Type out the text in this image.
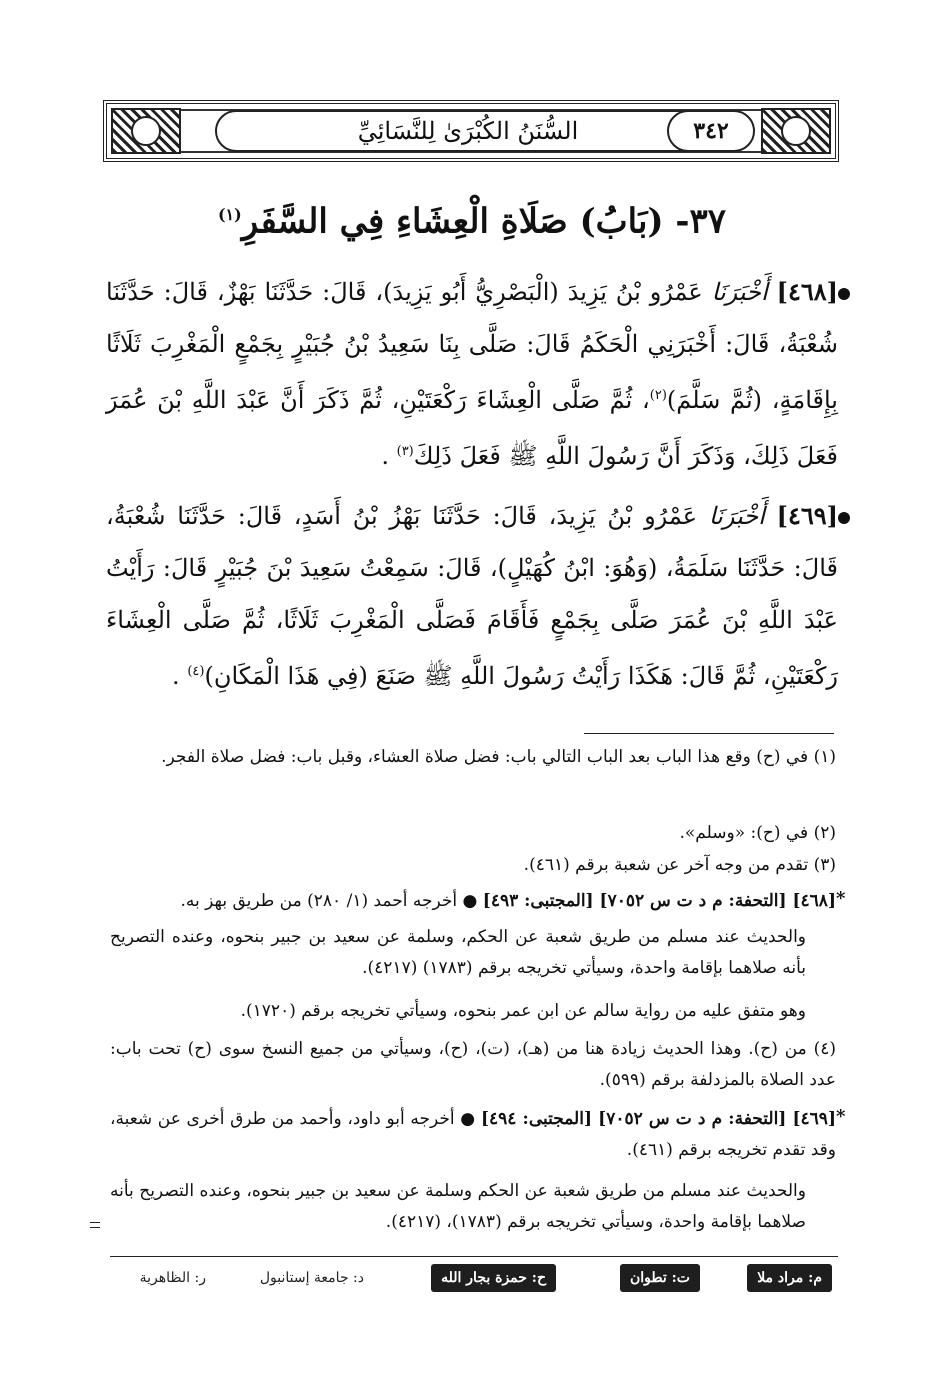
السُّنَنُ الكُبْرَىٰ لِلنَّسَائِيِّ	٣٤٢
٣٧- (بَابُ) صَلَاةِ الْعِشَاءِ فِي السَّفَرِ$^{(١)}$
[٤٦٨] أَخْبَرَنَا عَمْرُو بْنُ يَزِيدَ (الْبَصْرِيُّ أَبُو يَزِيدَ)، قَالَ: حَدَّثَنَا بَهْزٌ، قَالَ: حَدَّثَنَا شُعْبَةُ، قَالَ: أَخْبَرَنِي الْحَكَمُ قَالَ: صَلَّى بِنَا سَعِيدُ بْنُ جُبَيْرٍ بِجَمْعٍ الْمَغْرِبَ ثَلَاثًا بِإِقَامَةٍ، (ثُمَّ سَلَّمَ)$^{(٢)}$، ثُمَّ صَلَّى الْعِشَاءَ رَكْعَتَيْنِ، ثُمَّ ذَكَرَ أَنَّ عَبْدَ اللَّهِ بْنَ عُمَرَ فَعَلَ ذَلِكَ، وَذَكَرَ أَنَّ رَسُولَ اللَّهِ ﷺ فَعَلَ ذَلِكَ$^{(٣)}$ .
[٤٦٩] أَخْبَرَنَا عَمْرُو بْنُ يَزِيدَ، قَالَ: حَدَّثَنَا بَهْزُ بْنُ أَسَدٍ، قَالَ: حَدَّثَنَا شُعْبَةُ، قَالَ: حَدَّثَنَا سَلَمَةُ، (وَهُوَ: ابْنُ كُهَيْلٍ)، قَالَ: سَمِعْتُ سَعِيدَ بْنَ جُبَيْرٍ قَالَ: رَأَيْتُ عَبْدَ اللَّهِ بْنَ عُمَرَ صَلَّى بِجَمْعٍ فَأَقَامَ فَصَلَّى الْمَغْرِبَ ثَلَاثًا، ثُمَّ صَلَّى الْعِشَاءَ رَكْعَتَيْنِ، ثُمَّ قَالَ: هَكَذَا رَأَيْتُ رَسُولَ اللَّهِ ﷺ صَنَعَ (فِي هَذَا الْمَكَانِ)$^{(٤)}$ .
(١) في (ح) وقع هذا الباب بعد الباب التالي باب: فضل صلاة العشاء، وقبل باب: فضل صلاة الفجر.
(٢) في (ح): «وسلم».
(٣) تقدم من وجه آخر عن شعبة برقم (٤٦١).
*
[٤٦٨] [التحفة: م د ت س ٧٠٥٢] [المجتبى: ٤٩٣] ● أخرجه أحمد (١/ ٢٨٠) من طريق بهز به.
والحديث عند مسلم من طريق شعبة عن الحكم، وسلمة عن سعيد بن جبير بنحوه، وعنده التصريح بأنه صلاهما بإقامة واحدة، وسيأتي تخريجه برقم (١٧٨٣) (٤٢١٧).
وهو متفق عليه من رواية سالم عن ابن عمر بنحوه، وسيأتي تخريجه برقم (١٧٢٠).
(٤) من (ح). وهذا الحديث زيادة هنا من (هـ)، (ت)، (ح)، وسيأتي من جميع النسخ سوى (ح) تحت باب: عدد الصلاة بالمزدلفة برقم (٥٩٩).
*
[٤٦٩] [التحفة: م د ت س ٧٠٥٢] [المجتبى: ٤٩٤] ● أخرجه أبو داود، وأحمد من طرق أخرى عن شعبة، وقد تقدم تخريجه برقم (٤٦١).
والحديث عند مسلم من طريق شعبة عن الحكم وسلمة عن سعيد بن جبير بنحوه، وعنده التصريح بأنه صلاهما بإقامة واحدة، وسيأتي تخريجه برقم (١٧٨٣)، (٤٢١٧).
م: مراد ملا
ت: تطوان
ح: حمزة بجار الله
د: جامعة إستانبول
ر: الظاهرية
